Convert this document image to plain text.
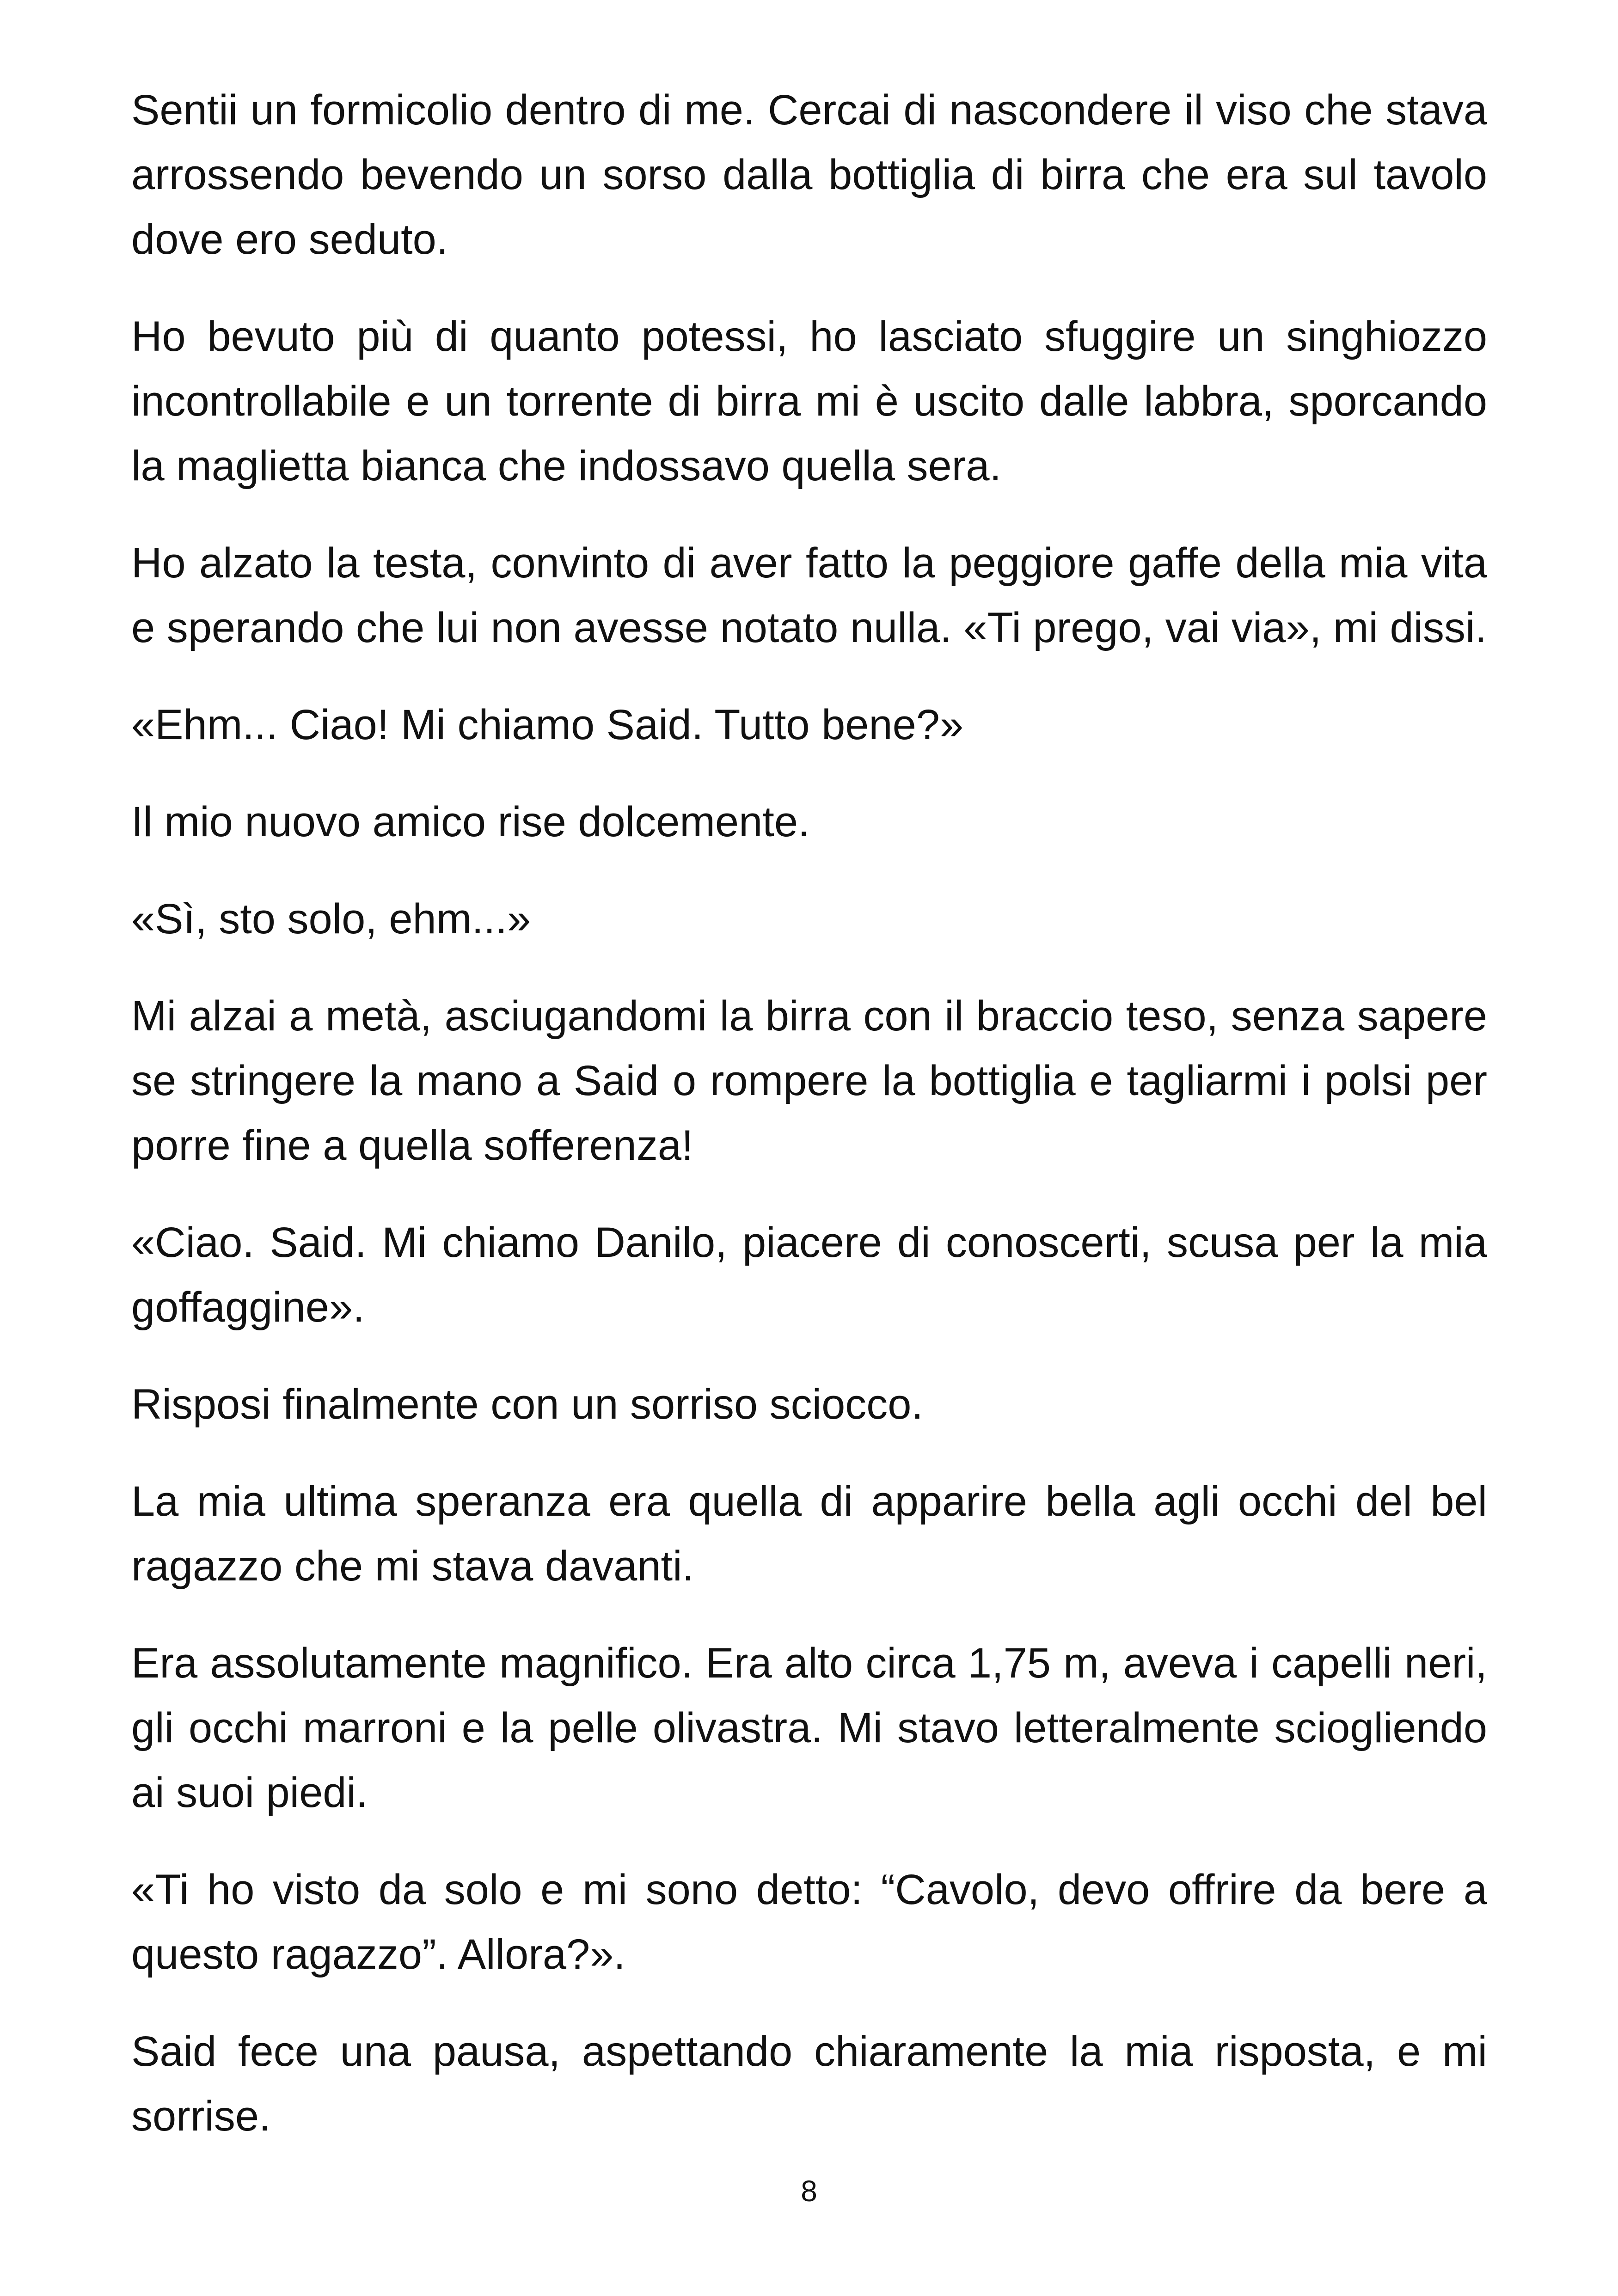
Sentii un formicolio dentro di me. Cercai di nascondere il viso che stava arrossendo bevendo un sorso dalla bottiglia di birra che era sul tavolo dove ero seduto.

Ho bevuto più di quanto potessi, ho lasciato sfuggire un singhiozzo incontrollabile e un torrente di birra mi è uscito dalle labbra, sporcando la maglietta bianca che indossavo quella sera.

Ho alzato la testa, convinto di aver fatto la peggiore gaffe della mia vita e sperando che lui non avesse notato nulla. «Ti prego, vai via», mi dissi.

«Ehm... Ciao! Mi chiamo Said. Tutto bene?»

Il mio nuovo amico rise dolcemente.

«Sì, sto solo, ehm...»

Mi alzai a metà, asciugandomi la birra con il braccio teso, senza sapere se stringere la mano a Said o rompere la bottiglia e tagliarmi i polsi per porre fine a quella sofferenza!

«Ciao. Said. Mi chiamo Danilo, piacere di conoscerti, scusa per la mia goffaggine».

Risposi finalmente con un sorriso sciocco.

La mia ultima speranza era quella di apparire bella agli occhi del bel ragazzo che mi stava davanti.

Era assolutamente magnifico. Era alto circa 1,75 m, aveva i capelli neri, gli occhi marroni e la pelle olivastra. Mi stavo letteralmente sciogliendo ai suoi piedi.

«Ti ho visto da solo e mi sono detto: “Cavolo, devo offrire da bere a questo ragazzo”. Allora?».

Said fece una pausa, aspettando chiaramente la mia risposta, e mi sorrise.

8
